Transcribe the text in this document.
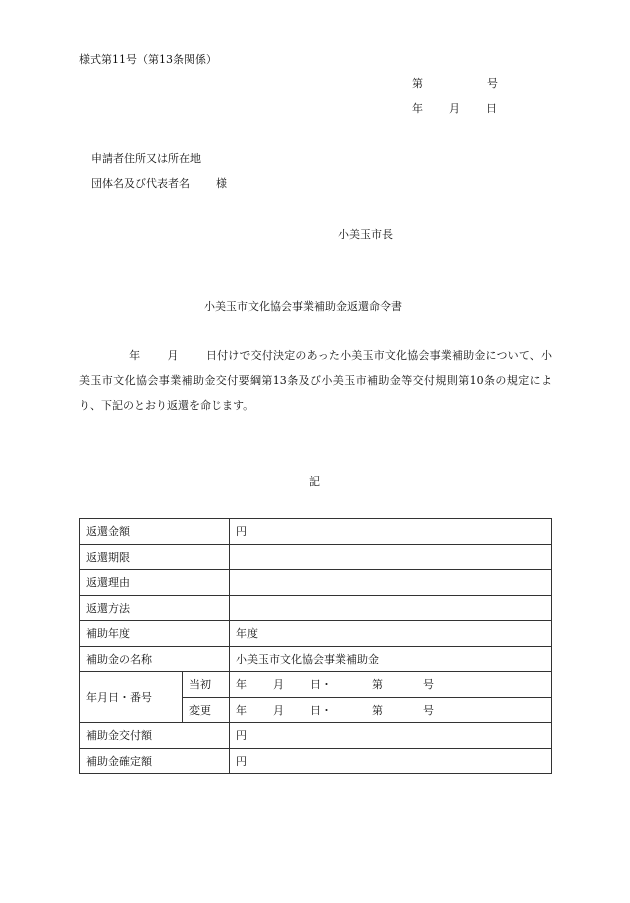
様式第11号（第13条関係）
第	号
年 月 日
申請者住所又は所在地
団体名及び代表者名 様
小美玉市長
小美玉市文化協会事業補助金返還命令書
年 月 日付けで交付決定のあった小美玉市文化協会事業補助金について、小美玉市文化協会事業補助金交付要綱第13条及び小美玉市補助金等交付規則第10条の規定により、下記のとおり返還を命じます。
記
返還金額		円
返還期限		
返還理由		
返還方法		
補助年度		年度
補助金の名称		小美玉市文化協会事業補助金
年月日・番号	当初	年 月 日・ 第 号
	変更	年 月 日・ 第 号
補助金交付額		円
補助金確定額		円
